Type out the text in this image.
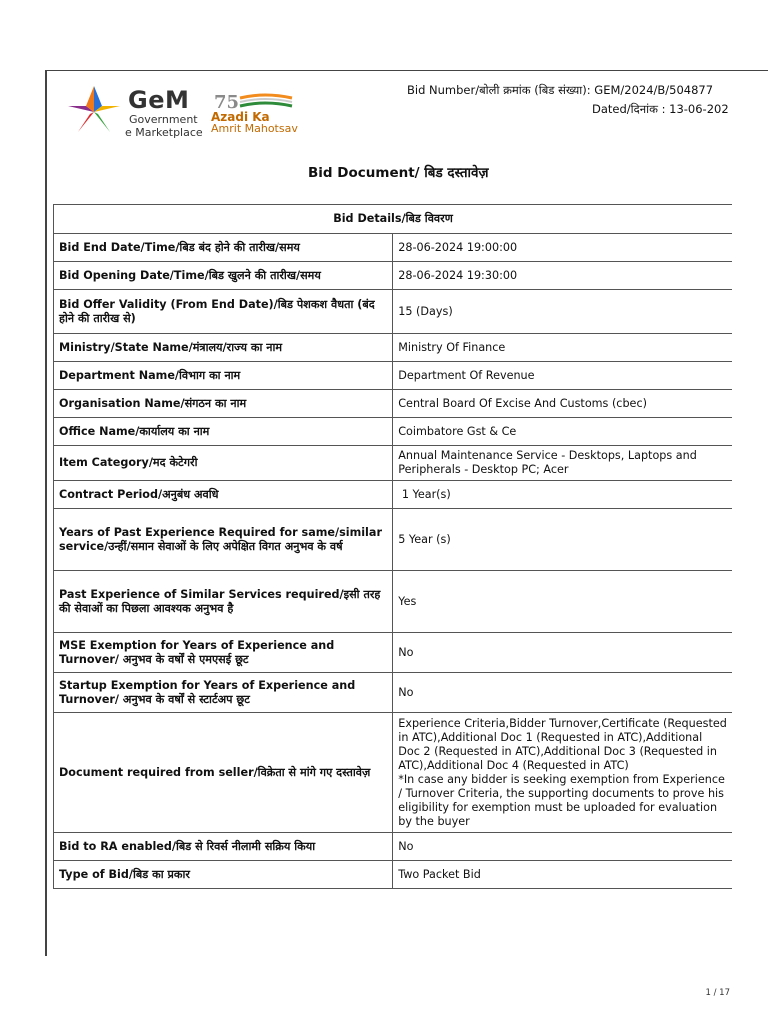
GeM
Government
e Marketplace
75
Azadi Ka
Amrit Mahotsav
Bid Number/बोली क्रमांक (बिड संख्या): GEM/2024/B/504877
Dated/दिनांक : 13-06-202
Bid Document/ बिड दस्तावेज़
Bid Details/बिड विवरण	
Bid End Date/Time/बिड बंद होने की तारीख/समय	28-06-2024 19:00:00
Bid Opening Date/Time/बिड खुलने की तारीख/समय	28-06-2024 19:30:00
Bid Offer Validity (From End Date)/बिड पेशकश वैधता (बंद होने की तारीख से)	15 (Days)
Ministry/State Name/मंत्रालय/राज्य का नाम	Ministry Of Finance
Department Name/विभाग का नाम	Department Of Revenue
Organisation Name/संगठन का नाम	Central Board Of Excise And Customs (cbec)
Office Name/कार्यालय का नाम	Coimbatore Gst & Ce
Item Category/मद केटेगरी	Annual Maintenance Service - Desktops, Laptops and Peripherals - Desktop PC; Acer
Contract Period/अनुबंध अवधि	1 Year(s)
Years of Past Experience Required for same/similar service/उन्हीं/समान सेवाओं के लिए अपेक्षित विगत अनुभव के वर्ष	5 Year (s)
Past Experience of Similar Services required/इसी तरह की सेवाओं का पिछला आवश्यक अनुभव है	Yes
MSE Exemption for Years of Experience and Turnover/ अनुभव के वर्षों से एमएसई छूट	No
Startup Exemption for Years of Experience and Turnover/ अनुभव के वर्षों से स्टार्टअप छूट	No
Document required from seller/विक्रेता से मांगे गए दस्तावेज़	Experience Criteria,Bidder Turnover,Certificate (Requested in ATC),Additional Doc 1 (Requested in ATC),Additional Doc 2 (Requested in ATC),Additional Doc 3 (Requested in ATC),Additional Doc 4 (Requested in ATC)
*In case any bidder is seeking exemption from Experience / Turnover Criteria, the supporting documents to prove his eligibility for exemption must be uploaded for evaluation by the buyer
Bid to RA enabled/बिड से रिवर्स नीलामी सक्रिय किया	No
Type of Bid/बिड का प्रकार	Two Packet Bid
1 / 17
